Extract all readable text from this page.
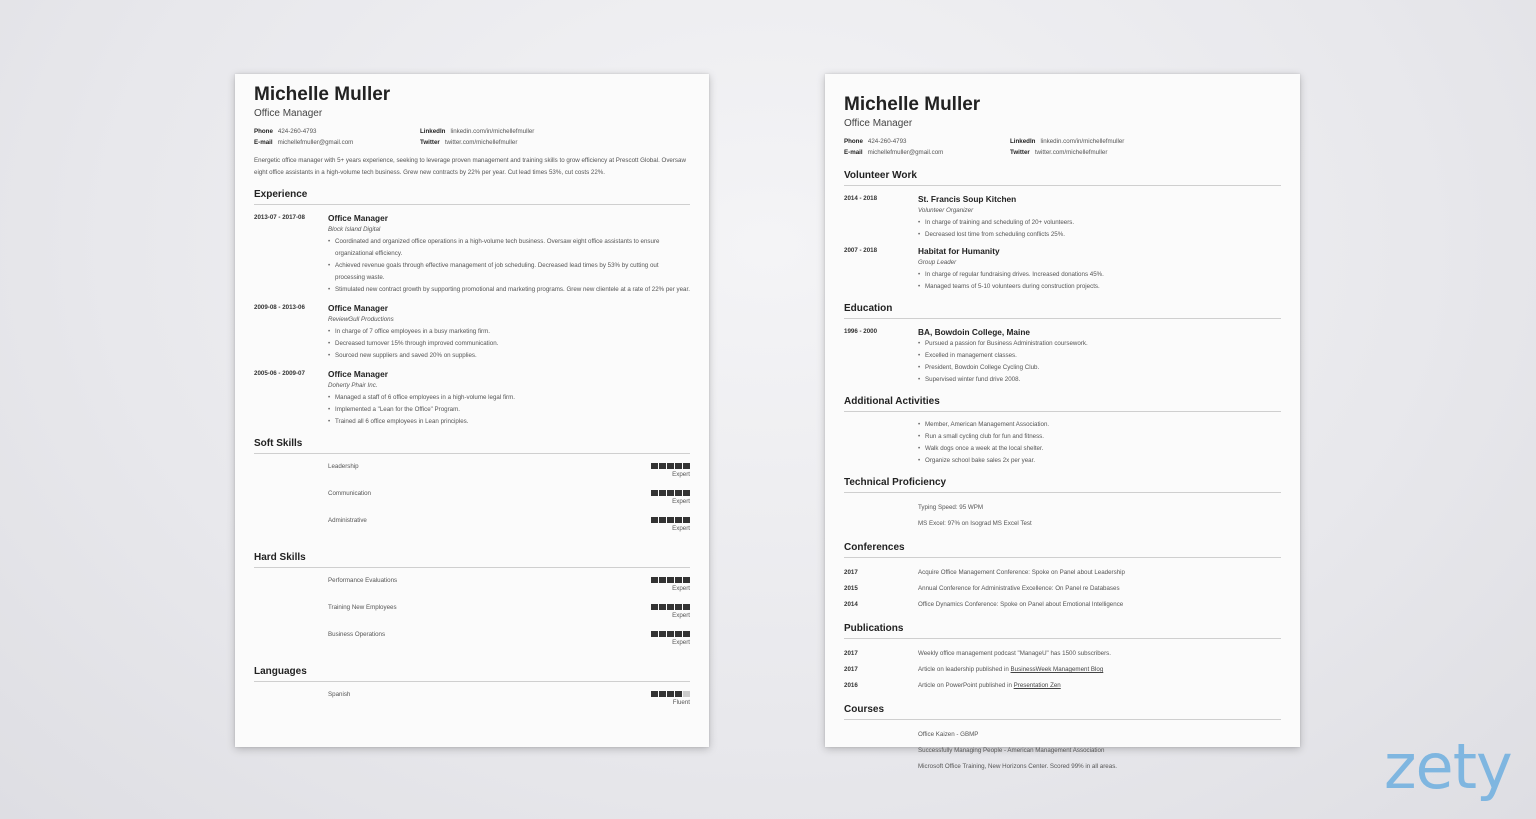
Michelle Muller
Office Manager
Phone 424-260-4793	LinkedIn linkedin.com/in/michellefmuller
E-mail michellefmuller@gmail.com	Twitter twitter.com/michellefmuller
Energetic office manager with 5+ years experience, seeking to leverage proven management and training skills to grow efficiency at Prescott Global. Oversaw eight office assistants in a high-volume tech business. Grew new contracts by 22% per year. Cut lead times 53%, cut costs 22%.
Experience
2013-07 - 2017-08	Office Manager
Block Island Digital
• Coordinated and organized office operations in a high-volume tech business. Oversaw eight office assistants to ensure organizational efficiency.
• Achieved revenue goals through effective management of job scheduling. Decreased lead times by 53% by cutting out processing waste.
• Stimulated new contract growth by supporting promotional and marketing programs. Grew new clientele at a rate of 22% per year.
2009-08 - 2013-06	Office Manager
ReviewGull Productions
• In charge of 7 office employees in a busy marketing firm.
• Decreased turnover 15% through improved communication.
• Sourced new suppliers and saved 20% on supplies.
2005-06 - 2009-07	Office Manager
Doherty Phair Inc.
• Managed a staff of 6 office employees in a high-volume legal firm.
• Implemented a "Lean for the Office" Program.
• Trained all 6 office employees in Lean principles.
Soft Skills
Leadership
Expert
Communication
Expert
Administrative
Expert
Hard Skills
Performance Evaluations
Expert
Training New Employees
Expert
Business Operations
Expert
Languages
Spanish
Fluent
Michelle Muller
Office Manager
Phone 424-260-4793	LinkedIn linkedin.com/in/michellefmuller
E-mail michellefmuller@gmail.com	Twitter twitter.com/michellefmuller
Volunteer Work
2014 - 2018	St. Francis Soup Kitchen
Volunteer Organizer
• In charge of training and scheduling of 20+ volunteers.
• Decreased lost time from scheduling conflicts 25%.
2007 - 2018	Habitat for Humanity
Group Leader
• In charge of regular fundraising drives. Increased donations 45%.
• Managed teams of 5-10 volunteers during construction projects.
Education
1996 - 2000	BA, Bowdoin College, Maine
• Pursued a passion for Business Administration coursework.
• Excelled in management classes.
• President, Bowdoin College Cycling Club.
• Supervised winter fund drive 2008.
Additional Activities
• Member, American Management Association.
• Run a small cycling club for fun and fitness.
• Walk dogs once a week at the local shelter.
• Organize school bake sales 2x per year.
Technical Proficiency
Typing Speed: 95 WPM
MS Excel: 97% on Isograd MS Excel Test
Conferences
2017	Acquire Office Management Conference: Spoke on Panel about Leadership
2015	Annual Conference for Administrative Excellence: On Panel re Databases
2014	Office Dynamics Conference: Spoke on Panel about Emotional Intelligence
Publications
2017	Weekly office management podcast "ManageU" has 1500 subscribers.
2017	Article on leadership published in BusinessWeek Management Blog
2016	Article on PowerPoint published in Presentation Zen
Courses
Office Kaizen - GBMP
Successfully Managing People - American Management Association
Microsoft Office Training, New Horizons Center. Scored 99% in all areas.	zety
